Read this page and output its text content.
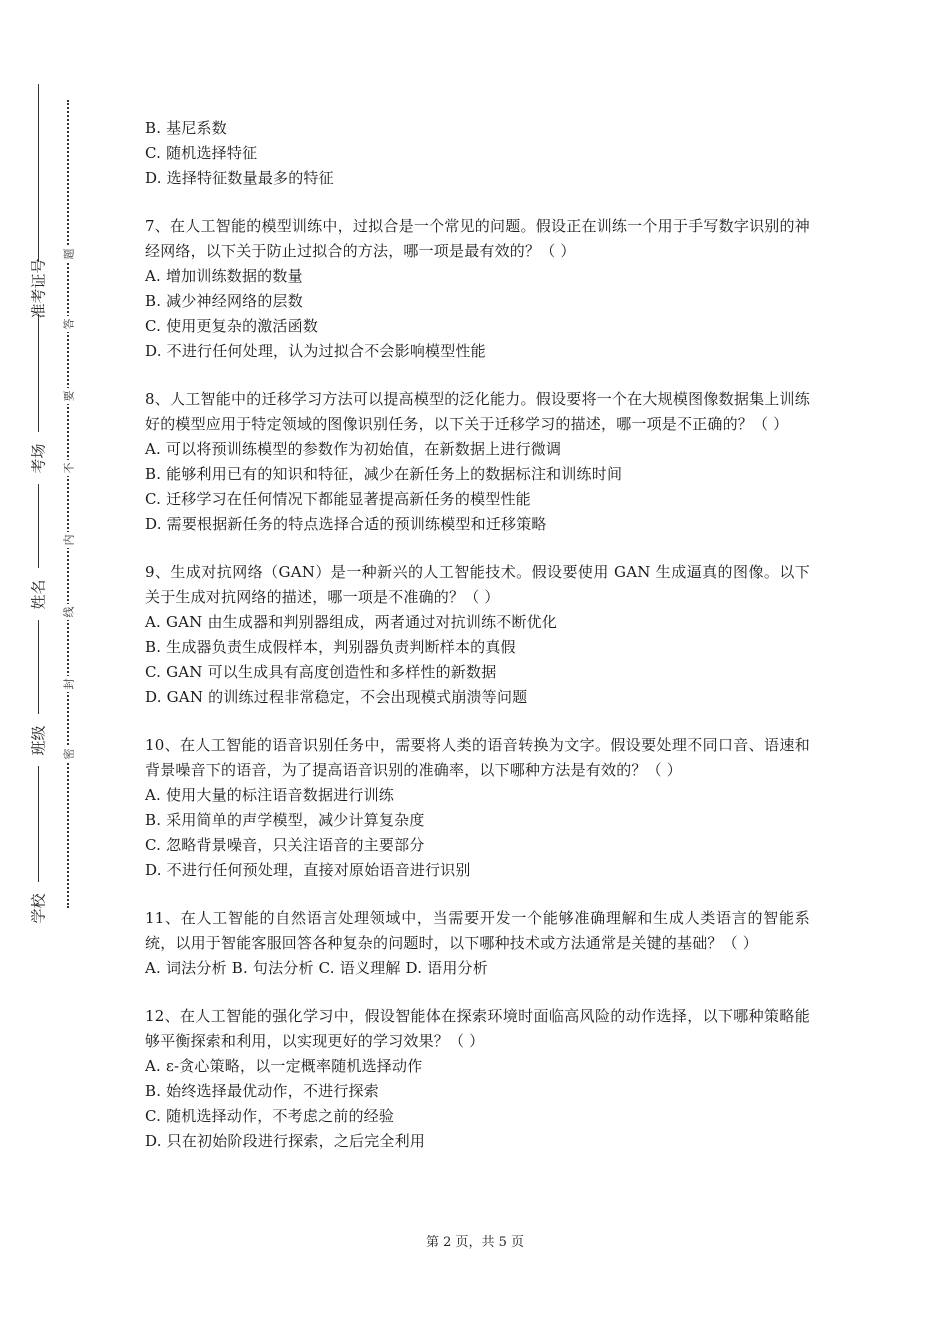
准考证号
考场
姓名
班级
学校
题
答
要
不
内
线
封
密
B. 基尼系数
C. 随机选择特征
D. 选择特征数量最多的特征
7、在人工智能的模型训练中，过拟合是一个常见的问题。假设正在训练一个用于手写数字识别的神经网络，以下关于防止过拟合的方法，哪一项是最有效的？（ ）
A. 增加训练数据的数量
B. 减少神经网络的层数
C. 使用更复杂的激活函数
D. 不进行任何处理，认为过拟合不会影响模型性能
8、人工智能中的迁移学习方法可以提高模型的泛化能力。假设要将一个在大规模图像数据集上训练好的模型应用于特定领域的图像识别任务，以下关于迁移学习的描述，哪一项是不正确的？（ ）
A. 可以将预训练模型的参数作为初始值，在新数据上进行微调
B. 能够利用已有的知识和特征，减少在新任务上的数据标注和训练时间
C. 迁移学习在任何情况下都能显著提高新任务的模型性能
D. 需要根据新任务的特点选择合适的预训练模型和迁移策略
9、生成对抗网络（GAN）是一种新兴的人工智能技术。假设要使用 GAN 生成逼真的图像。以下关于生成对抗网络的描述，哪一项是不准确的？（ ）
A. GAN 由生成器和判别器组成，两者通过对抗训练不断优化
B. 生成器负责生成假样本，判别器负责判断样本的真假
C. GAN 可以生成具有高度创造性和多样性的新数据
D. GAN 的训练过程非常稳定，不会出现模式崩溃等问题
10、在人工智能的语音识别任务中，需要将人类的语音转换为文字。假设要处理不同口音、语速和背景噪音下的语音，为了提高语音识别的准确率，以下哪种方法是有效的？（ ）
A. 使用大量的标注语音数据进行训练
B. 采用简单的声学模型，减少计算复杂度
C. 忽略背景噪音，只关注语音的主要部分
D. 不进行任何预处理，直接对原始语音进行识别
11、在人工智能的自然语言处理领域中，当需要开发一个能够准确理解和生成人类语言的智能系统，以用于智能客服回答各种复杂的问题时，以下哪种技术或方法通常是关键的基础？（ ）
A. 词法分析 B. 句法分析 C. 语义理解 D. 语用分析
12、在人工智能的强化学习中，假设智能体在探索环境时面临高风险的动作选择，以下哪种策略能够平衡探索和利用，以实现更好的学习效果？（ ）
A. ε-贪心策略，以一定概率随机选择动作
B. 始终选择最优动作，不进行探索
C. 随机选择动作，不考虑之前的经验
D. 只在初始阶段进行探索，之后完全利用
第 2 页，共 5 页
